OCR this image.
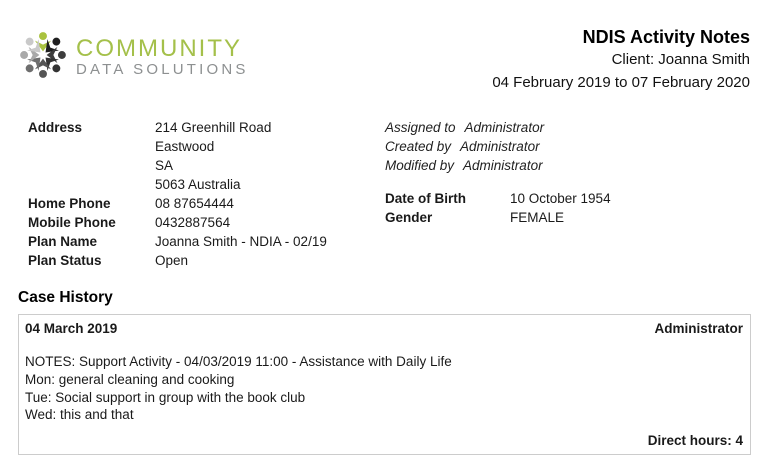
COMMUNITY
DATA SOLUTIONS
NDIS Activity Notes
Client: Joanna Smith
04 February 2019 to 07 February 2020
Address	214 Greenhill Road
Eastwood
SA
5063 Australia
Home Phone	08 87654444
Mobile Phone	0432887564
Plan Name	Joanna Smith - NDIA - 02/19
Plan Status	Open
Assigned to Administrator
Created by Administrator
Modified by Administrator
Date of Birth	10 October 1954
Gender	FEMALE
Case History
04 March 2019	Administrator
NOTES: Support Activity - 04/03/2019 11:00 - Assistance with Daily Life
Mon: general cleaning and cooking
Tue: Social support in group with the book club
Wed: this and that
Direct hours: 4
